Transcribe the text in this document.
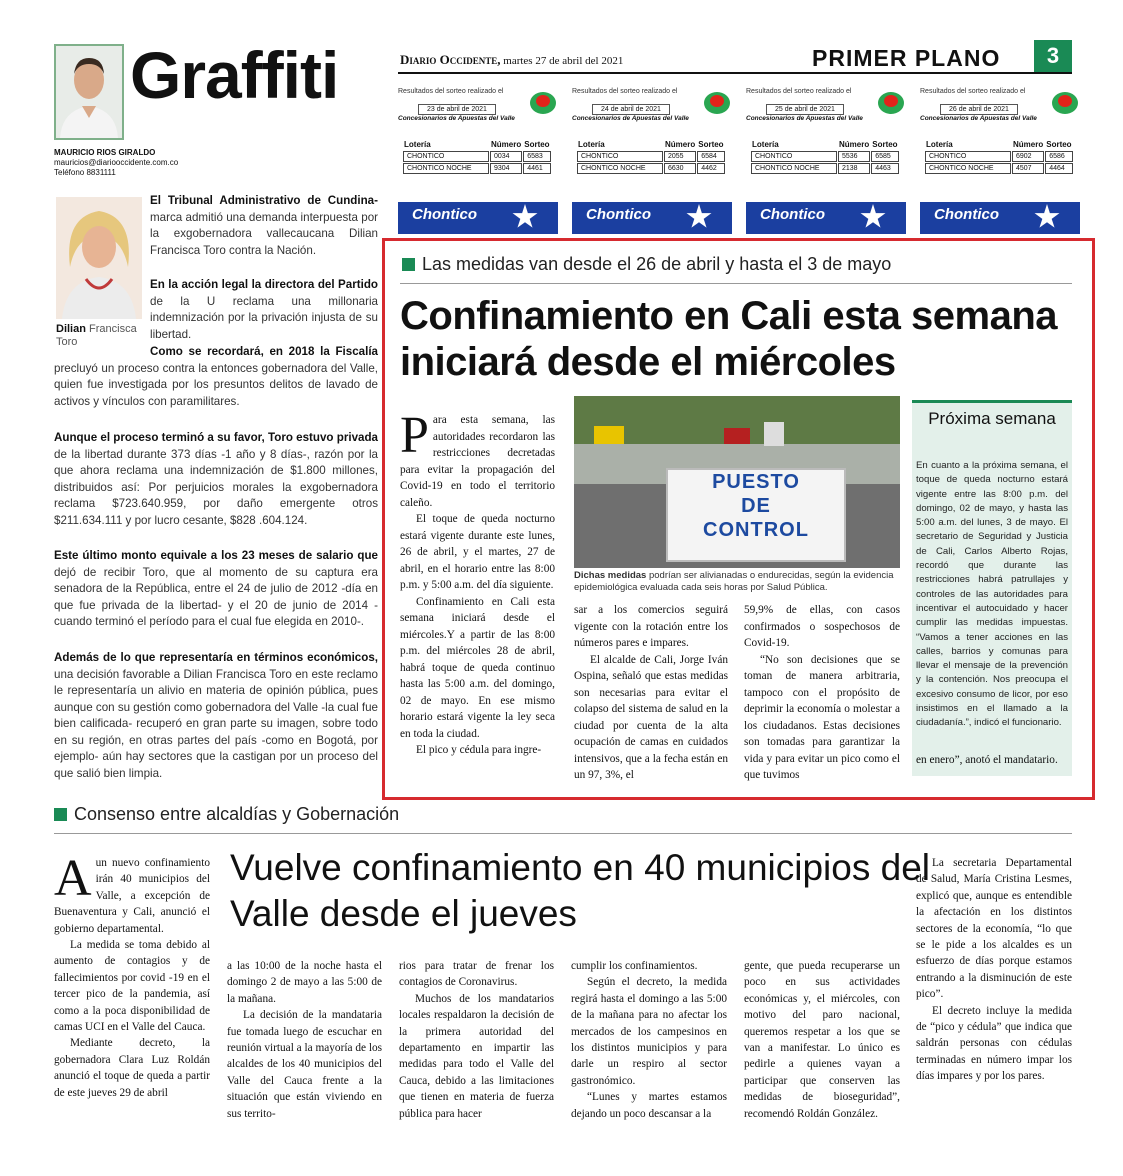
Graffiti
MAURICIO RIOS GIRALDO
mauricios@diariooccidente.com.co
Teléfono 8831111
Dilian Francisca Toro
El Tribunal Administrativo de Cundina- marca admitió una demanda interpuesta por la exgobernadora vallecaucana Dilian Francisca Toro contra la Nación.
En la acción legal la directora del Partido de la U reclama una millonaria indemnización por la privación injusta de su libertad.
Como se recordará, en 2018 la Fiscalía precluyó un proceso contra la entonces gobernadora del Valle, quien fue investigada por los presuntos delitos de lavado de activos y vínculos con paramilitares.
Aunque el proceso terminó a su favor, Toro estuvo privada de la libertad durante 373 días -1 año y 8 días-, razón por la que ahora reclama una indemnización de $1.800 millones, distribuidos así: Por perjuicios morales la exgobernadora reclama $723.640.959, por daño emergente otros $211.634.111 y por lucro cesante, $828 .604.124.
Este último monto equivale a los 23 meses de salario que dejó de recibir Toro, que al momento de su captura era senadora de la República, entre el 24 de julio de 2012 -día en que fue privada de la libertad- y el 20 de junio de 2014 -cuando terminó el período para el cual fue elegida en 2010-.
Además de lo que representaría en términos económicos, una decisión favorable a Dilian Francisca Toro en este reclamo le representaría un alivio en materia de opinión pública, pues aunque con su gestión como gobernadora del Valle -la cual fue bien calificada- recuperó en gran parte su imagen, sobre todo en su región, en otras partes del país -como en Bogotá, por ejemplo- aún hay sectores que la castigan por un proceso del que salió bien limpia.
Diario Occidente, martes 27 de abril del 2021	PRIMER PLANO	3
Resultados del sorteo realizado el
23 de abril de 2021
Concesionarios de Apuestas del Valle
Lotería	Número	Sorteo
CHONTICO	0034	6583
CHONTICO NOCHE	9304	4461
Chontico
Resultados del sorteo realizado el
24 de abril de 2021
Concesionarios de Apuestas del Valle
Lotería	Número	Sorteo
CHONTICO	2055	6584
CHONTICO NOCHE	6630	4462
Chontico
Resultados del sorteo realizado el
25 de abril de 2021
Concesionarios de Apuestas del Valle
Lotería	Número	Sorteo
CHONTICO	5536	6585
CHONTICO NOCHE	2138	4463
Chontico
Resultados del sorteo realizado el
26 de abril de 2021
Concesionarios de Apuestas del Valle
Lotería	Número	Sorteo
CHONTICO	6902	6586
CHONTICO NOCHE	4507	4464
Chontico
Las medidas van desde el 26 de abril y hasta el 3 de mayo
Confinamiento en Cali esta semana iniciará desde el miércoles

Para esta semana, las autoridades recordaron las restricciones decretadas para evitar la propagación del Covid-19 en todo el territorio caleño.

El toque de queda nocturno estará vigente durante este lunes, 26 de abril, y el martes, 27 de abril, en el horario entre las 8:00 p.m. y 5:00 a.m. del día siguiente.

Confinamiento en Cali esta semana iniciará desde el miércoles.Y a partir de las 8:00 p.m. del miércoles 28 de abril, habrá toque de queda continuo hasta las 5:00 a.m. del domingo, 02 de mayo. En ese mismo horario estará vigente la ley seca en toda la ciudad.

El pico y cédula para ingre-

PUESTO
DE
CONTROL
Dichas medidas podrían ser alivianadas o endurecidas, según la evidencia epidemiológica evaluada cada seis horas por Salud Pública.

sar a los comercios seguirá vigente con la rotación entre los números pares e impares.

El alcalde de Cali, Jorge Iván Ospina, señaló que estas medidas son necesarias para evitar el colapso del sistema de salud en la ciudad por cuenta de la alta ocupación de camas en cuidados intensivos, que a la fecha están en un 97, 3%, el

59,9% de ellas, con casos confirmados o sospechosos de Covid-19.

“No son decisiones que se toman de manera arbitraria, tampoco con el propósito de deprimir la economía o molestar a los ciudadanos. Estas decisiones son tomadas para garantizar la vida y para evitar un pico como el que tuvimos

Próxima semana
En cuanto a la próxima semana, el toque de queda nocturno estará vigente entre las 8:00 p.m. del domingo, 02 de mayo, y hasta las 5:00 a.m. del lunes, 3 de mayo. El secretario de Seguridad y Justicia de Cali, Carlos Alberto Rojas, recordó que durante las restricciones habrá patrullajes y controles de las autoridades para incentivar el autocuidado y hacer cumplir las medidas impuestas. “Vamos a tener acciones en las calles, barrios y comunas para llevar el mensaje de la prevención y la contención. Nos preocupa el excesivo consumo de licor, por eso insistimos en el llamado a la ciudadanía.”, indicó el funcionario.
en enero”, anotó el mandatario.
Consenso entre alcaldías y Gobernación
Vuelve confinamiento en 40 municipios del Valle desde el jueves

Aun nuevo confinamiento irán 40 municipios del Valle, a excepción de Buenaventura y Cali, anunció el gobierno departamental.

La medida se toma debido al aumento de contagios y de fallecimientos por covid -19 en el tercer pico de la pandemia, así como a la poca disponibilidad de camas UCI en el Valle del Cauca.

Mediante decreto, la gobernadora Clara Luz Roldán anunció el toque de queda a partir de este jueves 29 de abril

a las 10:00 de la noche hasta el domingo 2 de mayo a las 5:00 de la mañana.

La decisión de la mandataria fue tomada luego de escuchar en reunión virtual a la mayoría de los alcaldes de los 40 municipios del Valle del Cauca frente a la situación que están viviendo en sus territo-

rios para tratar de frenar los contagios de Coronavirus.

Muchos de los mandatarios locales respaldaron la decisión de la primera autoridad del departamento en impartir las medidas para todo el Valle del Cauca, debido a las limitaciones que tienen en materia de fuerza pública para hacer

cumplir los confinamientos.

Según el decreto, la medida regirá hasta el domingo a las 5:00 de la mañana para no afectar los mercados de los campesinos en los distintos municipios y para darle un respiro al sector gastronómico.

“Lunes y martes estamos dejando un poco descansar a la

gente, que pueda recuperarse un poco en sus actividades económicas y, el miércoles, con motivo del paro nacional, queremos respetar a los que se van a manifestar. Lo único es pedirle a quienes vayan a participar que conserven las medidas de bioseguridad”, recomendó Roldán González.

La secretaria Departamental de Salud, María Cristina Lesmes, explicó que, aunque es entendible la afectación en los distintos sectores de la economía, “lo que se le pide a los alcaldes es un esfuerzo de días porque estamos entrando a la disminución de este pico”.

El decreto incluye la medida de “pico y cédula” que indica que saldrán personas con cédulas terminadas en número impar los días impares y por los pares.
